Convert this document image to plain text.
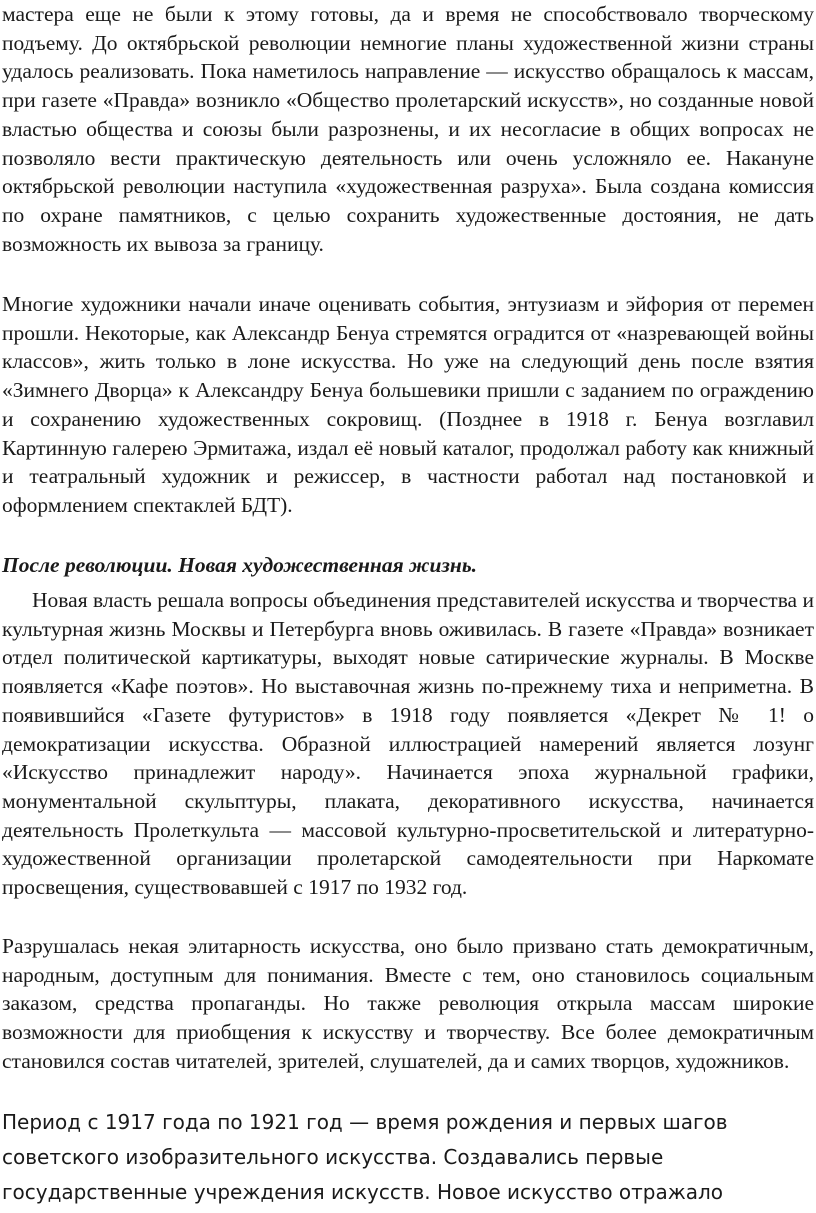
мастера еще не были к этому готовы, да и время не способствовало творческому подъему. До октябрьской революции немногие планы художественной жизни страны удалось реализовать. Пока наметилось направление — искусство обращалось к массам, при газете «Правда» возникло «Общество пролетарский искусств», но созданные новой властью общества и союзы были разрознены, и их несогласие в общих вопросах не позволяло вести практическую деятельность или очень усложняло ее. Накануне октябрьской революции наступила «художественная разруха». Была создана комиссия по охране памятников, с целью сохранить художественные достояния, не дать возможность их вывоза за границу.

Многие художники начали иначе оценивать события, энтузиазм и эйфория от перемен прошли. Некоторые, как Александр Бенуа стремятся оградится от «назревающей войны классов», жить только в лоне искусства. Но уже на следующий день после взятия «Зимнего Дворца» к Александру Бенуа большевики пришли с заданием по ограждению и сохранению художественных сокровищ. (Позднее в 1918 г. Бенуа возглавил Картинную галерею Эрмитажа, издал её новый каталог, продолжал работу как книжный и театральный художник и режиссер, в частности работал над постановкой и оформлением спектаклей БДТ).

После революции. Новая художественная жизнь.

Новая власть решала вопросы объединения представителей искусства и творчества и культурная жизнь Москвы и Петербурга вновь оживилась. В газете «Правда» возникает отдел политической картикатуры, выходят новые сатирические журналы. В Москве появляется «Кафе поэтов». Но выставочная жизнь по-прежнему тиха и неприметна. В появившийся «Газете футуристов» в 1918 году появляется «Декрет № 1! о демократизации искусства. Образной иллюстрацией намерений является лозунг «Искусство принадлежит народу». Начинается эпоха журнальной графики, монументальной скульптуры, плаката, декоративного искусства, начинается деятельность Пролеткульта — массовой культурно-просветительской и литературно-художественной организации пролетарской самодеятельности при Наркомате просвещения, существовавшей с 1917 по 1932 год.

Разрушалась некая элитарность искусства, оно было призвано стать демократичным, народным, доступным для понимания. Вместе с тем, оно становилось социальным заказом, средства пропаганды. Но также революция открыла массам широкие возможности для приобщения к искусству и творчеству. Все более демократичным становился состав читателей, зрителей, слушателей, да и самих творцов, художников.

Период с 1917 года по 1921 год — время рождения и первых шагов советского изобразительного искусства. Создавались первые государственные учреждения искусств. Новое искусство отражало
